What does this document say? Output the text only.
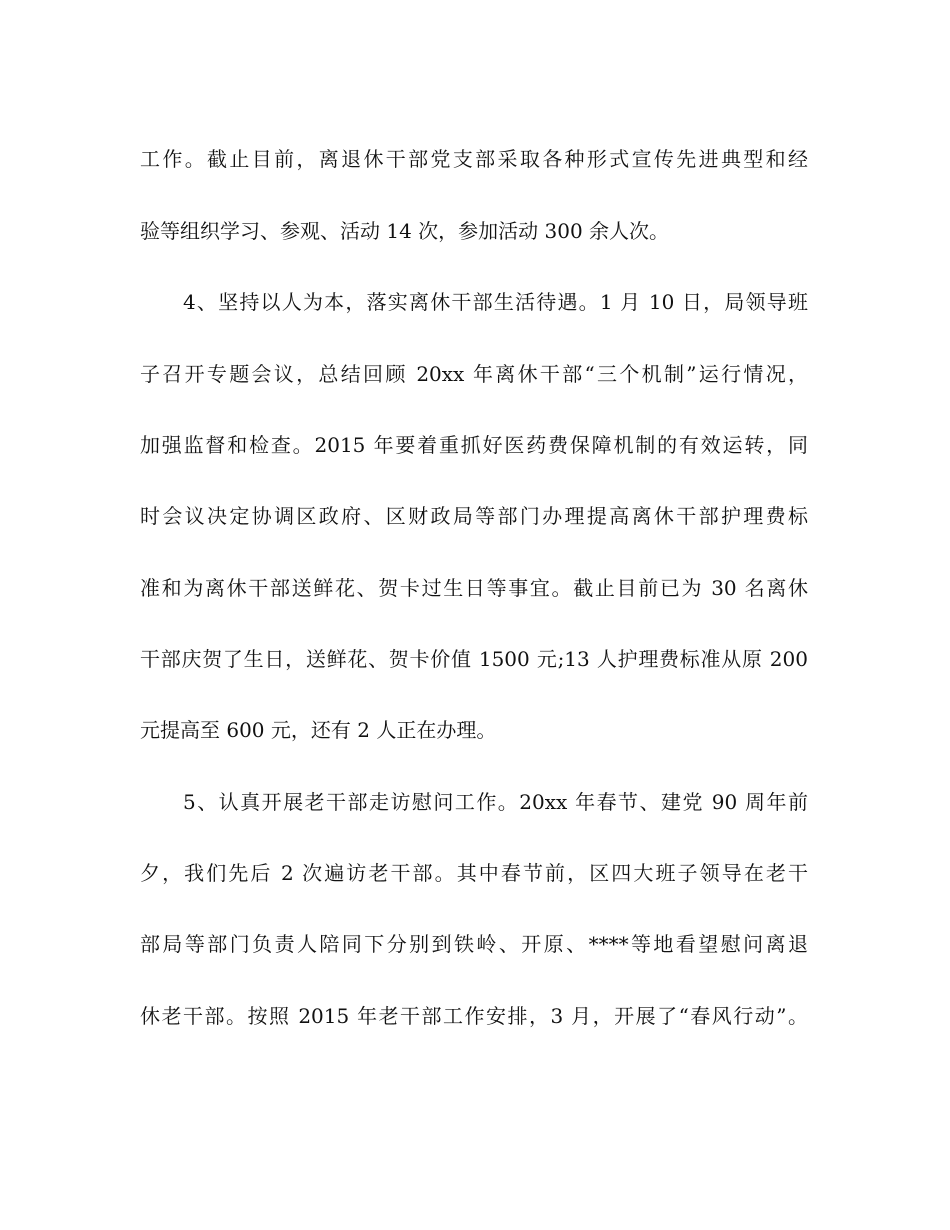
工作。截止目前，离退休干部党支部采取各种形式宣传先进典型和经
验等组织学习、参观、活动 14 次，参加活动 300 余人次。
4、坚持以人为本，落实离休干部生活待遇。1 月 10 日，局领导班
子召开专题会议，总结回顾 20xx 年离休干部“三个机制”运行情况，
加强监督和检查。2015 年要着重抓好医药费保障机制的有效运转，同
时会议决定协调区政府、区财政局等部门办理提高离休干部护理费标
准和为离休干部送鲜花、贺卡过生日等事宜。截止目前已为 30 名离休
干部庆贺了生日，送鲜花、贺卡价值 1500 元;13 人护理费标准从原 200
元提高至 600 元，还有 2 人正在办理。
5、认真开展老干部走访慰问工作。20xx 年春节、建党 90 周年前
夕，我们先后 2 次遍访老干部。其中春节前，区四大班子领导在老干
部局等部门负责人陪同下分别到铁岭、开原、****等地看望慰问离退
休老干部。按照 2015 年老干部工作安排，3 月，开展了“春风行动”。
